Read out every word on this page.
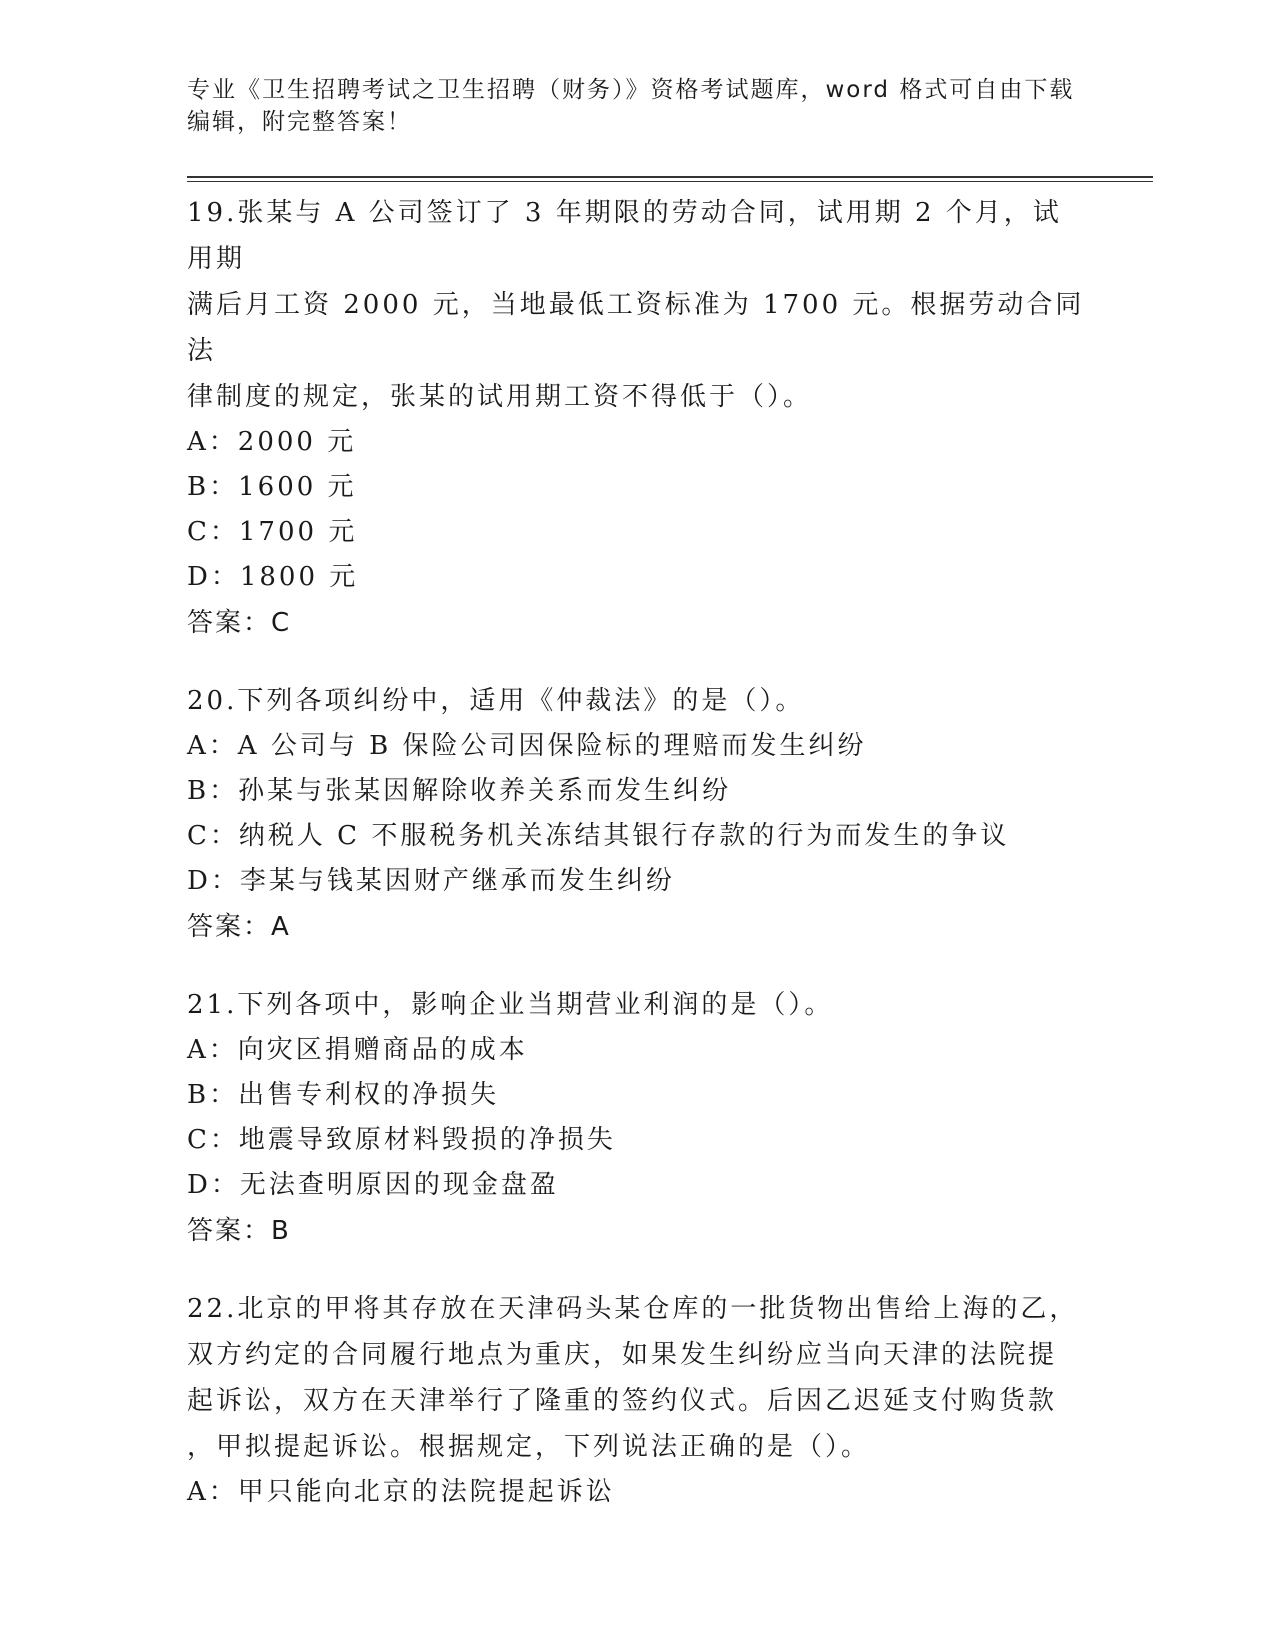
专业《卫生招聘考试之卫生招聘（财务）》资格考试题库，word 格式可自由下载
编辑，附完整答案！

19.张某与 A 公司签订了 3 年期限的劳动合同，试用期 2 个月，试用期

满后月工资 2000 元，当地最低工资标准为 1700 元。根据劳动合同法

律制度的规定，张某的试用期工资不得低于（）。

A：2000 元

B：1600 元

C：1700 元

D：1800 元

答案：C

20.下列各项纠纷中，适用《仲裁法》的是（）。

A：A 公司与 B 保险公司因保险标的理赔而发生纠纷

B：孙某与张某因解除收养关系而发生纠纷

C：纳税人 C 不服税务机关冻结其银行存款的行为而发生的争议

D：李某与钱某因财产继承而发生纠纷

答案：A

21.下列各项中，影响企业当期营业利润的是（）。

A：向灾区捐赠商品的成本

B：出售专利权的净损失

C：地震导致原材料毁损的净损失

D：无法查明原因的现金盘盈

答案：B

22.北京的甲将其存放在天津码头某仓库的一批货物出售给上海的乙，

双方约定的合同履行地点为重庆，如果发生纠纷应当向天津的法院提

起诉讼，双方在天津举行了隆重的签约仪式。后因乙迟延支付购货款

，甲拟提起诉讼。根据规定，下列说法正确的是（）。

A：甲只能向北京的法院提起诉讼
